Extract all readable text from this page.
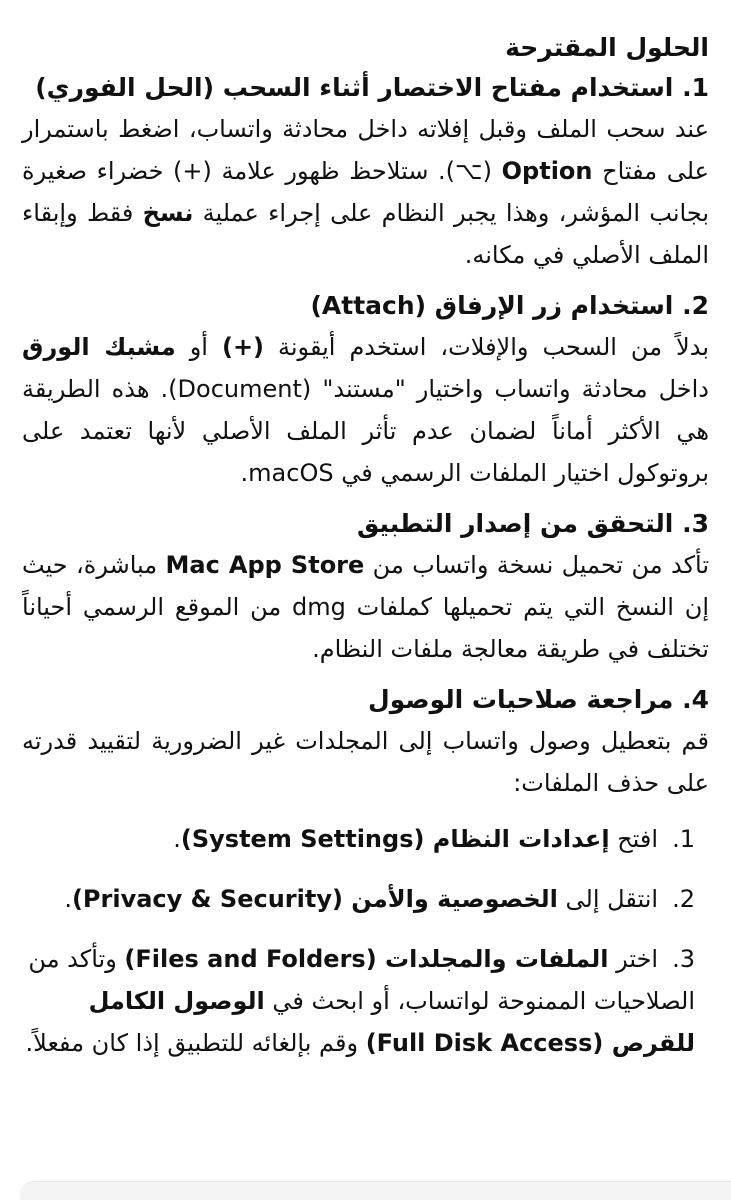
الحلول المقترحة
1. استخدام مفتاح الاختصار أثناء السحب (الحل الفوري)

عند سحب الملف وقبل إفلاته داخل محادثة واتساب، اضغط باستمرار على مفتاح Option (⌥). ستلاحظ ظهور علامة (+) خضراء صغيرة بجانب المؤشر، وهذا يجبر النظام على إجراء عملية نسخ فقط وإبقاء الملف الأصلي في مكانه.

2. استخدام زر الإرفاق (Attach)

بدلاً من السحب والإفلات، استخدم أيقونة (+) أو مشبك الورق داخل محادثة واتساب واختيار "مستند" (Document). هذه الطريقة هي الأكثر أماناً لضمان عدم تأثر الملف الأصلي لأنها تعتمد على بروتوكول اختيار الملفات الرسمي في macOS.

3. التحقق من إصدار التطبيق

تأكد من تحميل نسخة واتساب من Mac App Store مباشرة، حيث إن النسخ التي يتم تحميلها كملفات dmg من الموقع الرسمي أحياناً تختلف في طريقة معالجة ملفات النظام.

4. مراجعة صلاحيات الوصول

قم بتعطيل وصول واتساب إلى المجلدات غير الضرورية لتقييد قدرته على حذف الملفات:

1.افتح إعدادات النظام (System Settings).
2.انتقل إلى الخصوصية والأمن (Privacy & Security).
3.اختر الملفات والمجلدات (Files and Folders) وتأكد من الصلاحيات الممنوحة لواتساب، أو ابحث في الوصول الكامل للقرص (Full Disk Access) وقم بإلغائه للتطبيق إذا كان مفعلاً.
